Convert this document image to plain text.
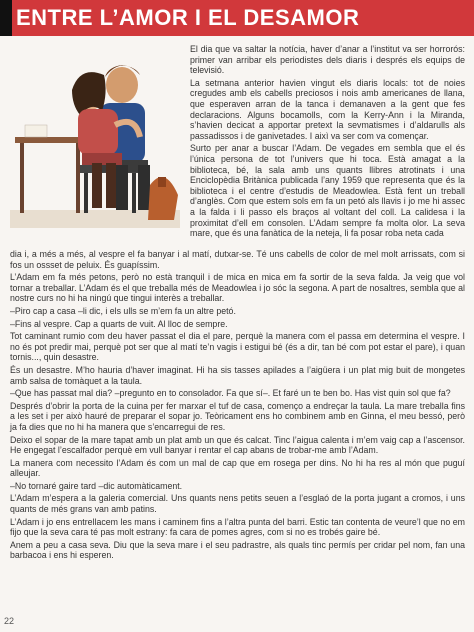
ENTRE L’AMOR I EL DESAMOR

El dia que va saltar la notícia, haver d’anar a l’institut va ser horrorós: primer van arribar els periodistes dels diaris i després els equips de televisió.

La setmana anterior havien vingut els diaris locals: tot de noies cregudes amb els cabells preciosos i nois amb americanes de llana, que esperaven arran de la tanca i demanaven a la gent que fes declaracions. Alguns bocamolls, com la Kerry-Ann i la Miranda, s’havien decicat a apportar pretext la sevmatismes i d’aldarulls als passadissos i de ganivetades. I aixì va ser com va començar.

Surto per anar a buscar l’Adam. De vegades em sembla que el és l’única persona de tot l’univers que hi toca. Està amagat a la biblioteca, bé, la sala amb uns quants llibres atrotinats i una Enciclopèdia Britànica publicada l’any 1959 que representa que és la biblioteca i el centre d’estudis de Meadowlea. Està fent un treball d’anglès. Com que estem sols em fa un petó als llavis i jo me hi assec a la falda i li passo els braços al voltant del coll. La calidesa i la proximitat d’ell em consolen. L’Adam sempre fa molta olor. La seva mare, que és una fanàtica de la neteja, li fa posar roba neta cada

dia i, a més a més, al vespre el fa banyar i al matí, dutxar-se. Té uns cabells de color de mel molt arrissats, com si fos un ossset de peluix. És guapíssim.

L’Adam em fa més petons, però no està tranquil i de mica en mica em fa sortir de la seva falda. Ja veig que vol tornar a treballar. L’Adam és el que treballa més de Meadowlea i jo sóc la segona. A part de nosaltres, sembla que al nostre curs no hi ha ningú que tingui interès a treballar.

–Piro cap a casa –li dic, i els ulls se m’em fa un altre petó.

–Fins al vespre. Cap a quarts de vuit. Al lloc de sempre.

Tot caminant rumio com deu haver passat el dia el pare, perquè la manera com el passa em determina el vespre. I no és pot predir mai, perquè pot ser que al matí te’n vagis i estigui bé (és a dir, tan bé com pot estar el pare), i quan tornis..., quin desastre.

És un desastre. M’ho hauria d’haver imaginat. Hi ha sis tasses apilades a l’aigüera i un plat mig buit de mongetes amb salsa de tomàquet a la taula.

–Que has passat mal dia? –pregunto en to consolador. Fa que sí–. Et faré un te ben bo. Has vist quin sol que fa?

Després d’obrir la porta de la cuina per fer marxar el tuf de casa, començo a endreçar la taula. La mare treballa fins a les set i per això hauré de preparar el sopar jo. Teòricament ens ho combinem amb en Ginna, el meu bessó, però ja fa dies que no hi ha manera que s’encarregui de res.

Deixo el sopar de la mare tapat amb un plat amb un que és calcat. Tinc l’aigua calenta i m’em vaig cap a l’ascensor. He engegat l’escalfador perquè em vull banyar i rentar el cap abans de trobar-me amb l’Adam.

La manera com necessito l’Adam és com un mal de cap que em rosega per dins. No hi ha res al món que puguí alleujar.

–No tornaré gaire tard –dic automàticament.

L’Adam m’espera a la galeria comercial. Uns quants nens petits seuen a l’esglaó de la porta jugant a cromos, i uns quants de més grans van amb patins.

L’Adam i jo ens entrellacem les mans i caminem fins a l’altra punta del barri. Estic tan contenta de veure’l que no em fijo que la seva cara té pas molt estrany: fa cara de pomes agres, com si no es trobés gaire bé.

Anem a peu a casa seva. Diu que la seva mare i el seu padrastre, als quals tinc permís per cridar pel nom, fan una barbacoa i ens hi esperen.

22
